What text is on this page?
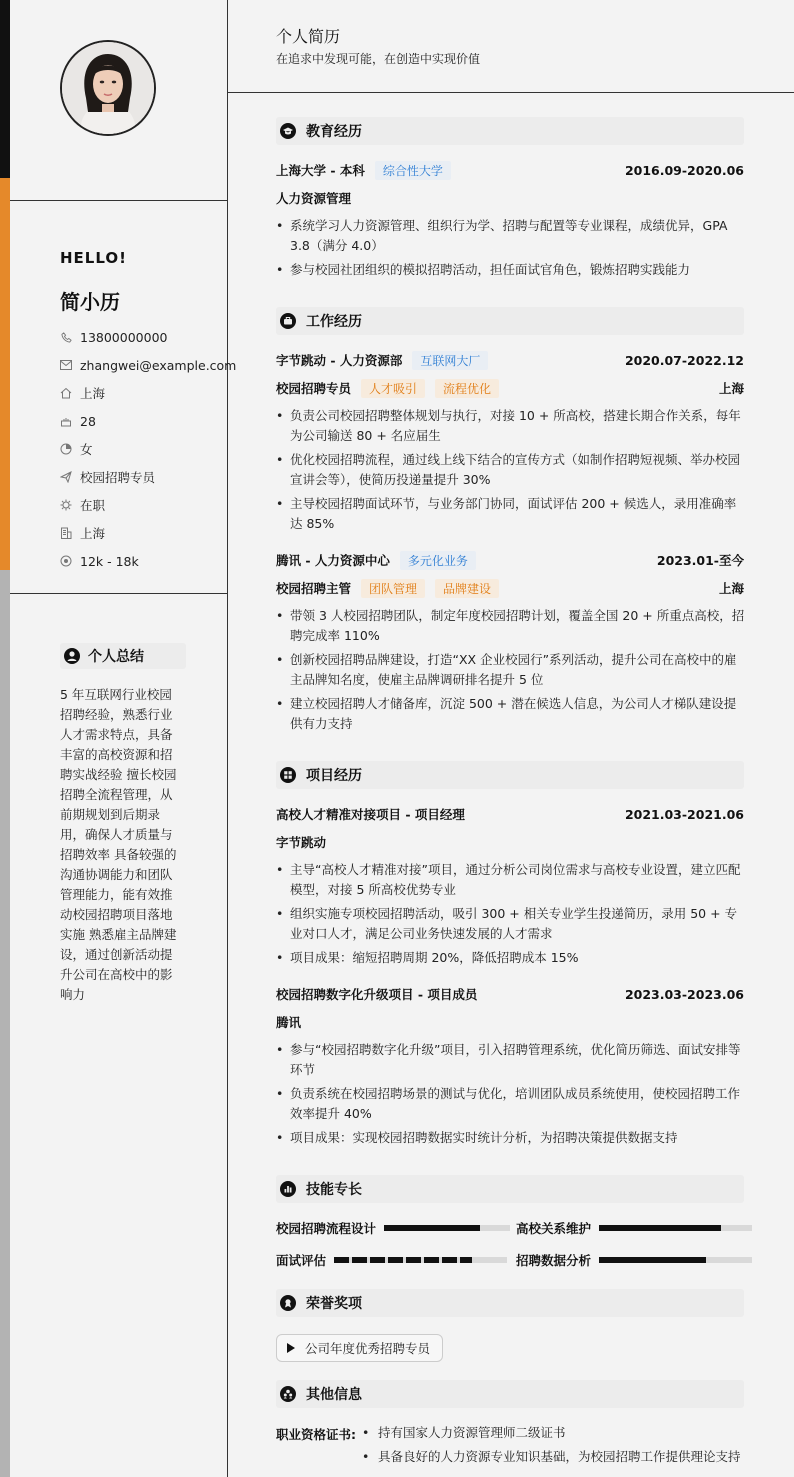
HELLO!
简小历
13800000000
zhangwei@example.com
上海
28
女
校园招聘专员
在职
上海
12k - 18k
个人总结

5 年互联网行业校园招聘经验，熟悉行业人才需求特点，具备丰富的高校资源和招聘实战经验 擅长校园招聘全流程管理，从前期规划到后期录用，确保人才质量与招聘效率 具备较强的沟通协调能力和团队管理能力，能有效推动校园招聘项目落地实施 熟悉雇主品牌建设，通过创新活动提升公司在高校中的影响力

个人简历
在追求中发现可能，在创造中实现价值
教育经历
上海大学 - 本科	综合性大学	2016.09-2020.06
人力资源管理
• 系统学习人力资源管理、组织行为学、招聘与配置等专业课程，成绩优异，GPA 3.8（满分 4.0）
• 参与校园社团组织的模拟招聘活动，担任面试官角色，锻炼招聘实践能力
工作经历
字节跳动 - 人力资源部	互联网大厂	2020.07-2022.12
校园招聘专员	人才吸引	流程优化	上海
• 负责公司校园招聘整体规划与执行，对接 10 + 所高校，搭建长期合作关系，每年为公司输送 80 + 名应届生
• 优化校园招聘流程，通过线上线下结合的宣传方式（如制作招聘短视频、举办校园宣讲会等），使简历投递量提升 30%
• 主导校园招聘面试环节，与业务部门协同，面试评估 200 + 候选人，录用准确率达 85%
腾讯 - 人力资源中心	多元化业务	2023.01-至今
校园招聘主管	团队管理	品牌建设	上海
• 带领 3 人校园招聘团队，制定年度校园招聘计划，覆盖全国 20 + 所重点高校，招聘完成率 110%
• 创新校园招聘品牌建设，打造“XX 企业校园行”系列活动，提升公司在高校中的雇主品牌知名度，使雇主品牌调研排名提升 5 位
• 建立校园招聘人才储备库，沉淀 500 + 潜在候选人信息，为公司人才梯队建设提供有力支持
项目经历
高校人才精准对接项目 - 项目经理	2021.03-2021.06
字节跳动
• 主导“高校人才精准对接”项目，通过分析公司岗位需求与高校专业设置，建立匹配模型，对接 5 所高校优势专业
• 组织实施专项校园招聘活动，吸引 300 + 相关专业学生投递简历，录用 50 + 专业对口人才，满足公司业务快速发展的人才需求
• 项目成果：缩短招聘周期 20%，降低招聘成本 15%
校园招聘数字化升级项目 - 项目成员	2023.03-2023.06
腾讯
• 参与“校园招聘数字化升级”项目，引入招聘管理系统，优化简历筛选、面试安排等环节
• 负责系统在校园招聘场景的测试与优化，培训团队成员系统使用，使校园招聘工作效率提升 40%
• 项目成果：实现校园招聘数据实时统计分析，为招聘决策提供数据支持
技能专长
校园招聘流程设计	高校关系维护
面试评估	招聘数据分析
荣誉奖项
公司年度优秀招聘专员
其他信息
职业资格证书:
•	持有国家人力资源管理师二级证书
• 具备良好的人力资源专业知识基础，为校园招聘工作提供理论支持
